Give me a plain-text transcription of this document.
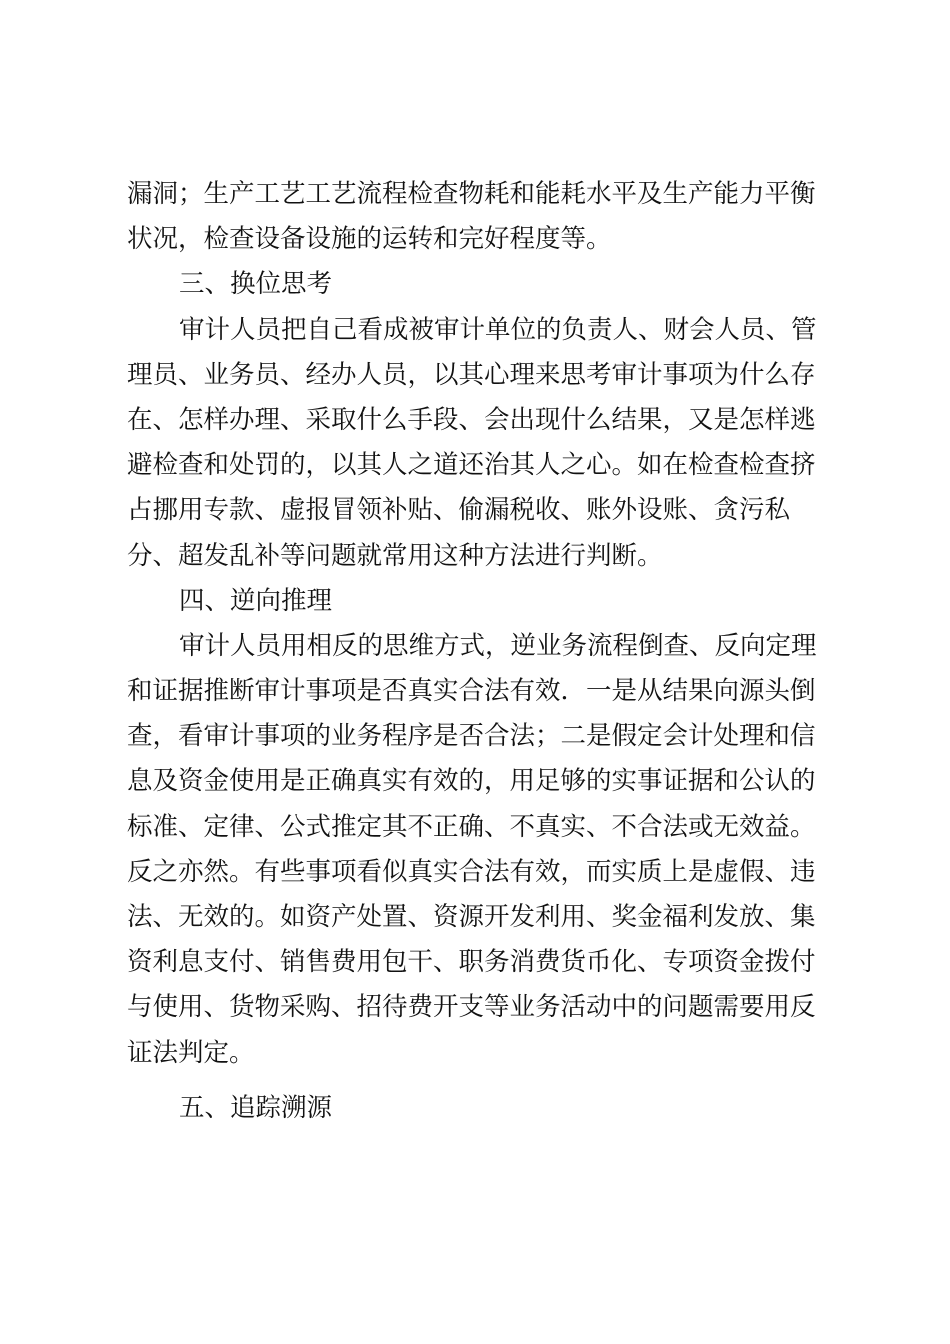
漏洞；生产工艺工艺流程检查物耗和能耗水平及生产能力平衡
状况，检查设备设施的运转和完好程度等。
三、换位思考
审计人员把自己看成被审计单位的负责人、财会人员、管
理员、业务员、经办人员，以其心理来思考审计事项为什么存
在、怎样办理、采取什么手段、会出现什么结果，又是怎样逃
避检查和处罚的，以其人之道还治其人之心。如在检查检查挤
占挪用专款、虚报冒领补贴、偷漏税收、账外设账、贪污私
分、超发乱补等问题就常用这种方法进行判断。
四、逆向推理
审计人员用相反的思维方式，逆业务流程倒查、反向定理
和证据推断审计事项是否真实合法有效．一是从结果向源头倒
查，看审计事项的业务程序是否合法；二是假定会计处理和信
息及资金使用是正确真实有效的，用足够的实事证据和公认的
标准、定律、公式推定其不正确、不真实、不合法或无效益。
反之亦然。有些事项看似真实合法有效，而实质上是虚假、违
法、无效的。如资产处置、资源开发利用、奖金福利发放、集
资利息支付、销售费用包干、职务消费货币化、专项资金拨付
与使用、货物采购、招待费开支等业务活动中的问题需要用反
证法判定。
五、追踪溯源
